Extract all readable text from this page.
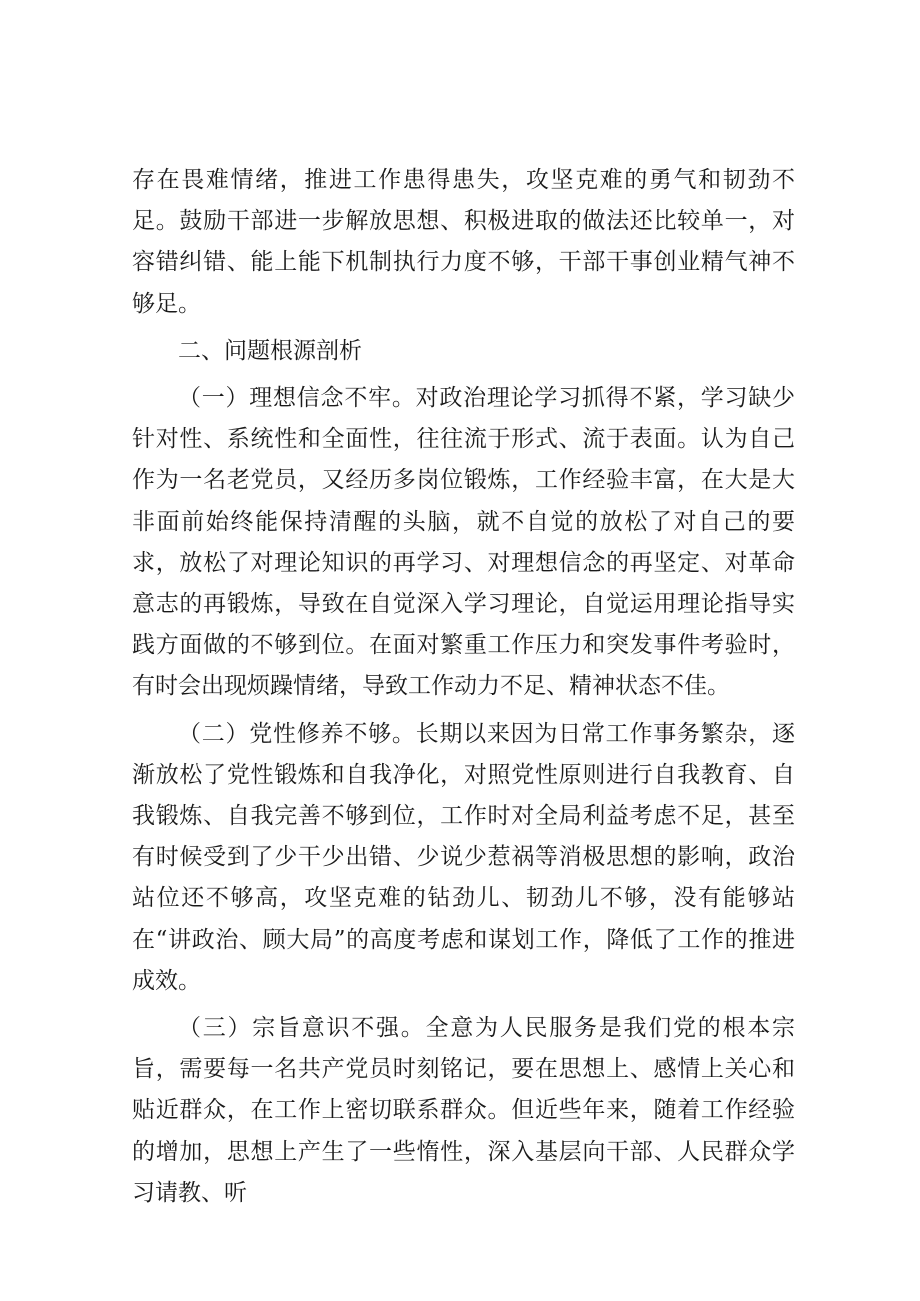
存在畏难情绪，推进工作患得患失，攻坚克难的勇气和韧劲不足。鼓励干部进一步解放思想、积极进取的做法还比较单一，对容错纠错、能上能下机制执行力度不够，干部干事创业精气神不够足。

二、问题根源剖析

（一）理想信念不牢。对政治理论学习抓得不紧，学习缺少针对性、系统性和全面性，往往流于形式、流于表面。认为自己作为一名老党员，又经历多岗位锻炼，工作经验丰富，在大是大非面前始终能保持清醒的头脑，就不自觉的放松了对自己的要求，放松了对理论知识的再学习、对理想信念的再坚定、对革命意志的再锻炼，导致在自觉深入学习理论，自觉运用理论指导实践方面做的不够到位。在面对繁重工作压力和突发事件考验时，有时会出现烦躁情绪，导致工作动力不足、精神状态不佳。

（二）党性修养不够。长期以来因为日常工作事务繁杂，逐渐放松了党性锻炼和自我净化，对照党性原则进行自我教育、自我锻炼、自我完善不够到位，工作时对全局利益考虑不足，甚至有时候受到了少干少出错、少说少惹祸等消极思想的影响，政治站位还不够高，攻坚克难的钻劲儿、韧劲儿不够，没有能够站在“讲政治、顾大局”的高度考虑和谋划工作，降低了工作的推进成效。

（三）宗旨意识不强。全意为人民服务是我们党的根本宗旨，需要每一名共产党员时刻铭记，要在思想上、感情上关心和贴近群众，在工作上密切联系群众。但近些年来，随着工作经验的增加，思想上产生了一些惰性，深入基层向干部、人民群众学习请教、听
